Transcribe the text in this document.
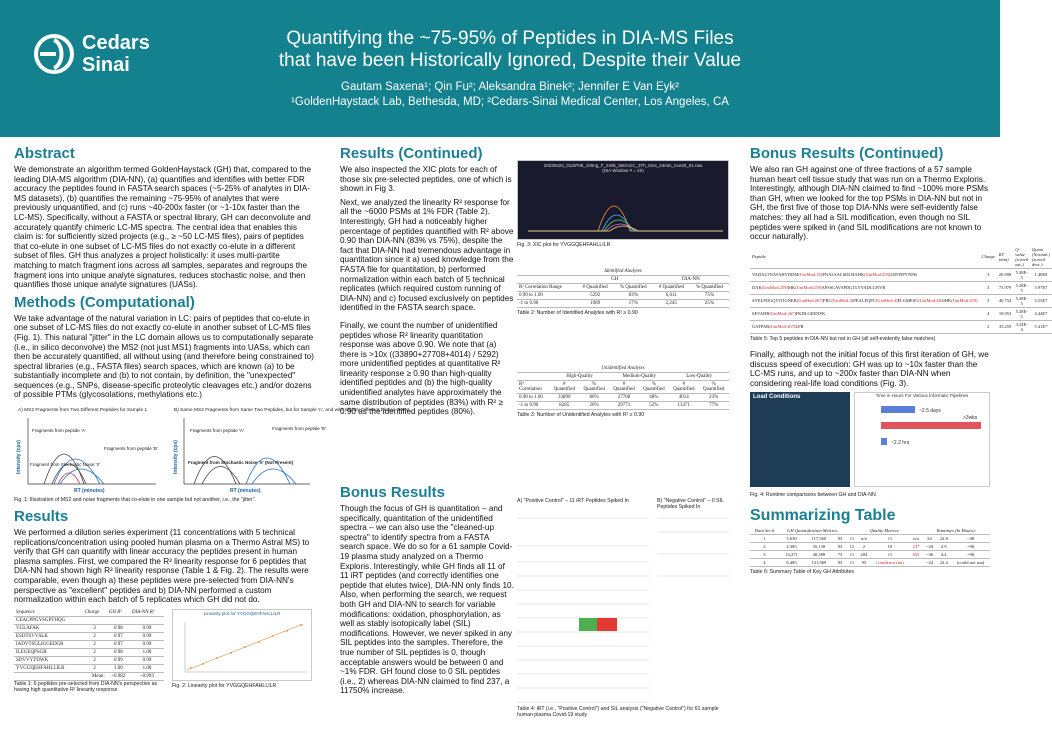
Cedars
Sinai
Quantifying the ~75-95% of Peptides in DIA-MS Files
that have been Historically Ignored, Despite their Value
Gautam Saxena¹; Qin Fu²; Aleksandra Binek²; Jennifer E Van Eyk²
¹GoldenHaystack Lab, Bethesda, MD; ²Cedars-Sinai Medical Center, Los Angeles, CA
Abstract

We demonstrate an algorithm termed GoldenHaystack (GH) that, compared to the leading DIA-MS algorithm (DIA-NN), (a) quantifies and identifies with better FDR accuracy the peptides found in FASTA search spaces (~5-25% of analytes in DIA-MS datasets), (b) quantifies the remaining ~75-95% of analytes that were previously unquantified, and (c) runs ~40-200x faster (or ~1-10x faster than the LC-MS). Specifically, without a FASTA or spectral library, GH can deconvolute and accurately quantify chimeric LC-MS spectra. The central idea that enables this claim is: for sufficiently sized projects (e.g., ≥ ~50 LC-MS files), pairs of peptides that co-elute in one subset of LC-MS files do not exactly co-elute in a different subset of files. GH thus analyzes a project holistically: it uses multi-partite matching to match fragment ions across all samples, separates and regroups the fragment ions into unique analyte signatures, reduces stochastic noise, and then quantifies those unique analyte signatures (UASs).

Methods (Computational)

We take advantage of the natural variation in LC: pairs of peptides that co-elute in one subset of LC-MS files do not exactly co-elute in another subset of LC-MS files (Fig. 1). This natural "jitter" in the LC domain allows us to computationally separate (i.e., in silico deconvolve) the MS2 (not just MS1) fragments into UASs, which can then be accurately quantified, all without using (and therefore being constrained to) spectral libraries (e.g., FASTA files) search spaces, which are known (a) to be substantially incomplete and (b) to not contain, by definition, the "unexpected" sequences (e.g., SNPs, disease-specific proteolytic cleavages etc.) and/or dozens of possible PTMs (glycosolations, methylations etc.)

A) MS2 Fragments from Two Different Peptides for Sample 1
Fragments from peptide 'A'
Fragments from peptide 'B'
Fragment from Stochastic Noise 'X'
RT (minutes)
Intensity (cps)
B) Same MS2 Fragments from Same Two Peptides, but for Sample 'n', and with Slightly Different Elution Times
Fragments from peptide 'A'	Fragments from peptide 'B'
Fragment from Stochastic Noise 'X' (Not Present)
RT (minutes)
Intensity (cps)
Fig. 1: Illustration of MS2 and noise fragments that co-elute in one sample but not another, i.e., the "jitter".
Results

We performed a dilution series experiment (11 concentrations with 5 technical replications/concentration using pooled human plasma on a Thermo Astral MS) to verify that GH can quantify with linear accuracy the peptides present in human plasma samples. First, we compared the R² linearity response for 6 peptides that DIA-NN had shown high R² linearity response (Table 1 & Fig. 2). The results were comparable, even though a) these peptides were pre-selected from DIA-NN's perspective as "excellent" peptides and b) DIA-NN performed a custom normalization within each batch of 5 replicates which GH did not do.

Sequence	Charge	GH R²	DIA-NN R²
CEACPPGYSGPTHQG			
VGLAFAK	3	0.98	0.99
ESDTSVVSLK	2	0.97	0.99
IADVTSGLIGGEDGR	2	0.97	0.99
ILEGEQPSGR	2	0.98	1.00
SDVVYTDWK	2	0.99	0.99
YVGGQEHFAHLLILR	2	1.00	1.00
	Mean:	~0.982	~0.993
Linearity plot for YVGGQEHFAHLLILR
Table 1: 6 peptides pre-selected from DIA-NN's perspective as having high quantitative R² linearity response
Fig. 2: Linearity plot for YVGGQEHFAHLLILR
Results (Continued)

We also inspected the XIC plots for each of those six pre-selected peptides, one of which is shown in Fig 3.

Next, we analyzed the linearity R² response for all the ~6000 PSMs at 1% FDR (Table 2). Interestingly, GH had a noticeably higher percentage of peptides quantified with R² above 0.90 than DIA-NN (83% vs 75%), despite the fact that DIA-NN had tremendous advantage in quantitation since it a) used knowledge from the FASTA file for quantitation, b) performed normalization within each batch of 5 technical replicates (which required custom running of DIA-NN) and c) focused exclusively on peptides identified in the FASTA search space.

Finally, we count the number of unidentified peptides whose R² linearity quantitation response was above 0.90. We note that (a) there is >10x ((33890+27708+4014) / 5292) more unidentified peptides at quantitative R² linearity response ≥ 0.90 than high-quality identified peptides and (b) the high-quality unidentified analytes have approximately the same distribution of peptides (83%) with R² ≥ 0.90 as the identified peptides (80%).

20230422_OLEP08_100ng_F_240k_500AGC_3Th_5ms_24min_nce25_01.raw
(DIA Window # = 20)
Fig. 3: XIC plot for YVGGQEHFAHLLILR
Identified Analytes				
	GH		DIA-NN	
R² Correlation Range	# Quantified	% Quantified	# Quantified	% Quantified
0.90 to 1.00	5292	83%	6,611	75%
-1 to 0.90	1089	17%	2,245	25%
Table 2: Number of Identified Analytes with R² ≥ 0.90
Unidentified Analytes						
	High-Quality		Medium-Quality		Low-Quality	
R² Correlation	# Quantified	% Quantified	# Quantified	% Quantified	# Quantified	% Quantified
0.90 to 1.00	33890	80%	27708	48%	4014	23%
-1 to 0.90	8285	20%	29771	52%	13471	77%
Table 3: Number of Unidentified Analytes with R² ≥ 0.90
Bonus Results

Though the focus of GH is quantitation – and specifically, quantitation of the unidentified spectra – we can also use the "cleaned-up spectra" to identify spectra from a FASTA search space. We do so for a 61 sample Covid-19 plasma study analyzed on a Thermo Exploris. Interestingly, while GH finds all 11 of 11 iRT peptides (and correctly identifies one peptide that elutes twice), DIA-NN only finds 10. Also, when performing the search, we request both GH and DIA-NN to search for variable modifications: oxidation, phosphorylation, as well as stably isotopically label (SIL) modifications. However, we never spiked in any SIL peptides into the samples. Therefore, the true number of SIL peptides is 0, though acceptable answers would be between 0 and ~1% FDR. GH found close to 0 SIL peptides (i.e., 2) whereas DIA-NN claimed to find 237, a 11750% increase.

A) "Positive Control" – 11 iRT Peptides Spiked In	B) "Negative Control" – 0 SIL Peptides Spiked In
Table 4: iRT (i.e., "Positive Control") and SIL analysis ("Negative Control") for 61 sample human plasma Covid-19 study
Bonus Results (Continued)

We also ran GH against one of three fractions of a 57 sample human heart cell tissue study that was run on a Thermo Exploris. Interestingly, although DIA-NN claimed to find ~100% more PSMs than GH, when we looked for the top PSMs in DIA-NN but not in GH, the first five of those top DIA-NNs were self-evidently false matches: they all had a SIL modification, even though no SIL peptides were spiked in (and SIL modifications are not known to occur naturally).

Peptide	Charge	RT (min)	Q-value (sorted asc.)	Quant (Normal.) (sorted desc.)
VADALTNAVAHVDDM(UniMod:35)PNALSALSDLHAHK(UniMod:259)LRVDPVNFK	3	20.698	5.28E-5	1.40E8
DAK(UniMod:259)MK(UniMod:259)APSSLAVSPDGTLYVADLGNVR	3	73.979	5.28E-5	5.97E7
SYELPDGQVITIGNER(UniMod:267)FRC(UniMod:4)PEALFQPC(UniMod:4)FLGMESC(UniMod:4)GIHK(UniMod:259)	3	46.754	5.28E-5	5.53E7
SEVAHR(UniMod:267)FKDLGEENFK	4	18.053	5.28E-5	4.44E7
GATPAR(UniMod:267)LFR	2	35.259	3.24E-4	5.41E7
Table 5: Top 5 peptides in DIA-NN but not in GH (all self-evidently false matches)

Finally, although not the initial focus of this first iteration of GH, we discuss speed of execution: GH was up to ~10x faster than the LC-MS runs, and up to ~200x faster than DIA-NN when considering real-life load conditions (Fig. 3).

Load Conditions	Time in Hours For Various Informatic Pipelines
~2.5 days
>3wks
~2.2 hrs
Fig. 4: Runtime comparisons between GH and DIA-NN
Summarizing Table
Data Set #	GH Quantification Metrics:			Quality Metrics:				Runtimes (In Hours):		
1	5,630	117,560	95	11	n/a	11	n/a	24	22.8	~48
2	2,385	35,138	93	12	2	10	237	~20	2.9	>96
3	13,271	40,388	75	11	204	11	653	~36	4.4	>96
4	6,485	121,969	95	11	95	(could not run)		~24	22.4	(could not run)
Table 6: Summary Table of Key GH Attributes
